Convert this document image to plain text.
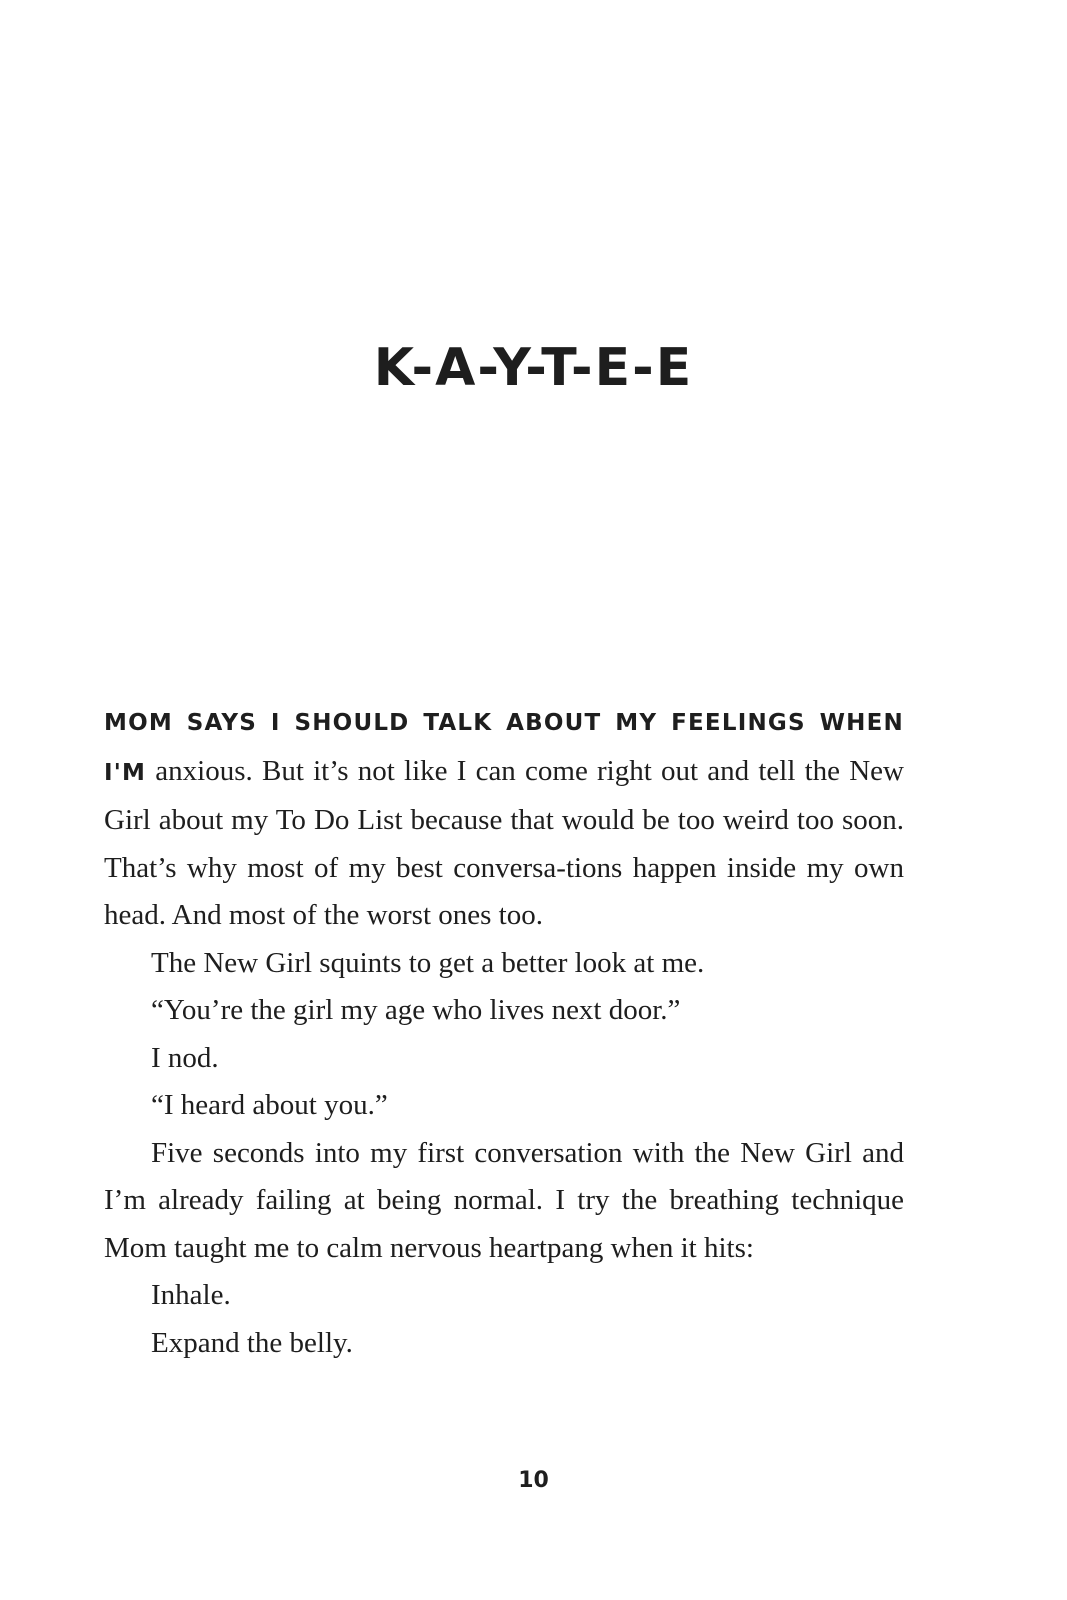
K-A-Y-T-E-E

MOM SAYS I SHOULD TALK ABOUT MY FEELINGS WHEN I'M anxious. But it’s not like I can come right out and tell the New Girl about my To Do List because that would be too weird too soon. That’s why most of my best conversa-tions happen inside my own head. And most of the worst ones too.

The New Girl squints to get a better look at me.

“You’re the girl my age who lives next door.”

I nod.

“I heard about you.”

Five seconds into my first conversation with the New Girl and I’m already failing at being normal. I try the breathing technique Mom taught me to calm nervous heartpang when it hits:

Inhale.

Expand the belly.

10
